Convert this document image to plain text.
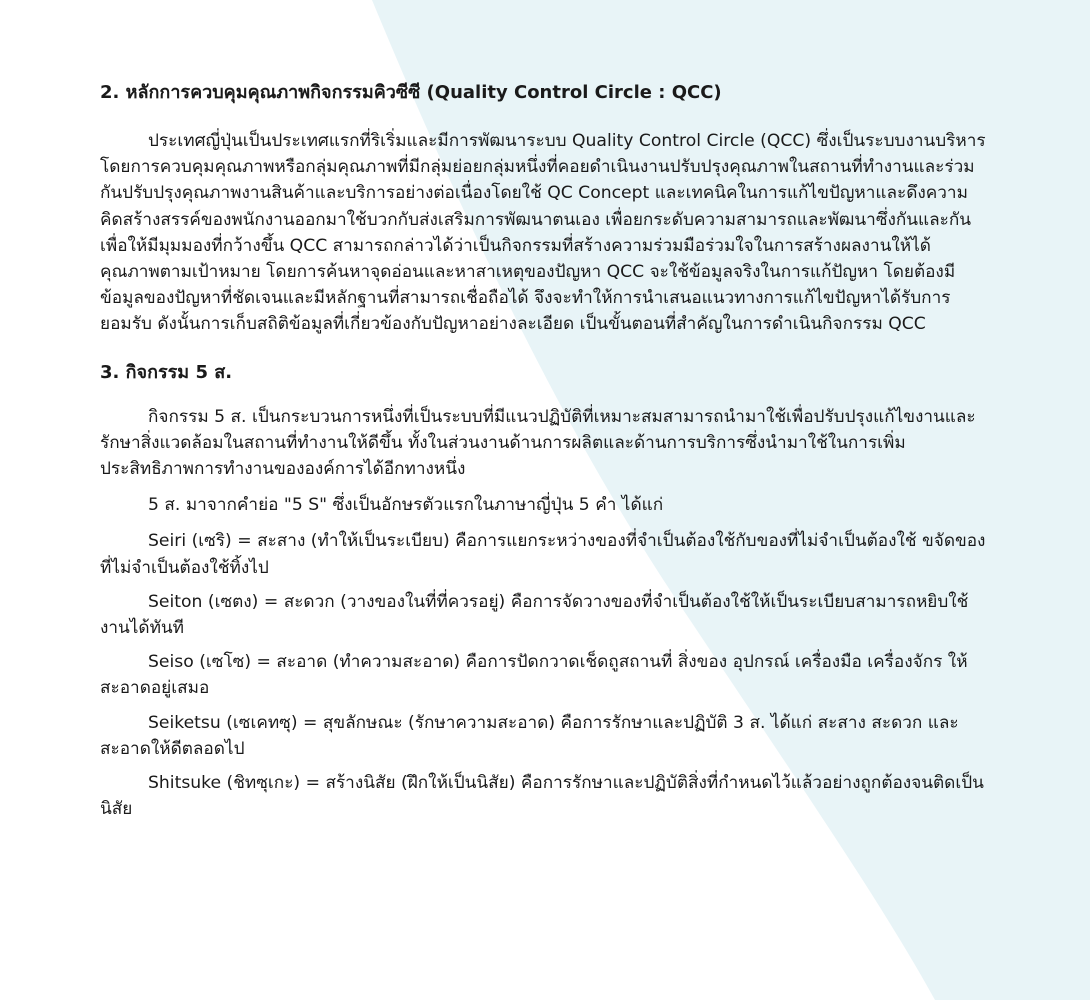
2. หลักการควบคุมคุณภาพกิจกรรมคิวซีซี (Quality Control Circle : QCC)

ประเทศญี่ปุ่นเป็นประเทศแรกที่ริเริ่มและมีการพัฒนาระบบ Quality Control Circle (QCC) ซึ่งเป็นระบบงานบริหารโดยการควบคุมคุณภาพหรือกลุ่มคุณภาพที่มีกลุ่มย่อยกลุ่มหนึ่งที่คอยดำเนินงานปรับปรุงคุณภาพในสถานที่ทำงานและร่วมกันปรับปรุงคุณภาพงานสินค้าและบริการอย่างต่อเนื่องโดยใช้ QC Concept และเทคนิคในการแก้ไขปัญหาและดึงความคิดสร้างสรรค์ของพนักงานออกมาใช้บวกกับส่งเสริมการพัฒนาตนเอง เพื่อยกระดับความสามารถและพัฒนาซึ่งกันและกัน เพื่อให้มีมุมมองที่กว้างขึ้น QCC สามารถกล่าวได้ว่าเป็นกิจกรรมที่สร้างความร่วมมือร่วมใจในการสร้างผลงานให้ได้คุณภาพตามเป้าหมาย โดยการค้นหาจุดอ่อนและหาสาเหตุของปัญหา QCC จะใช้ข้อมูลจริงในการแก้ปัญหา โดยต้องมีข้อมูลของปัญหาที่ชัดเจนและมีหลักฐานที่สามารถเชื่อถือได้ จึงจะทำให้การนำเสนอแนวทางการแก้ไขปัญหาได้รับการยอมรับ ดังนั้นการเก็บสถิติข้อมูลที่เกี่ยวข้องกับปัญหาอย่างละเอียด เป็นขั้นตอนที่สำคัญในการดำเนินกิจกรรม QCC

3. กิจกรรม 5 ส.

กิจกรรม 5 ส. เป็นกระบวนการหนึ่งที่เป็นระบบที่มีแนวปฏิบัติที่เหมาะสมสามารถนำมาใช้เพื่อปรับปรุงแก้ไขงานและรักษาสิ่งแวดล้อมในสถานที่ทำงานให้ดีขึ้น ทั้งในส่วนงานด้านการผลิตและด้านการบริการซึ่งนำมาใช้ในการเพิ่มประสิทธิภาพการทำงานขององค์การได้อีกทางหนึ่ง

5 ส. มาจากคำย่อ "5 S" ซึ่งเป็นอักษรตัวแรกในภาษาญี่ปุ่น 5 คำ ได้แก่

Seiri (เซริ) = สะสาง (ทำให้เป็นระเบียบ) คือการแยกระหว่างของที่จำเป็นต้องใช้กับของที่ไม่จำเป็นต้องใช้ ขจัดของที่ไม่จำเป็นต้องใช้ทิ้งไป

Seiton (เซตง) = สะดวก (วางของในที่ที่ควรอยู่) คือการจัดวางของที่จำเป็นต้องใช้ให้เป็นระเบียบสามารถหยิบใช้งานได้ทันที

Seiso (เซโซ) = สะอาด (ทำความสะอาด) คือการปัดกวาดเช็ดถูสถานที่ สิ่งของ อุปกรณ์ เครื่องมือ เครื่องจักร ให้สะอาดอยู่เสมอ

Seiketsu (เซเคทซุ) = สุขลักษณะ (รักษาความสะอาด) คือการรักษาและปฏิบัติ 3 ส. ได้แก่ สะสาง สะดวก และสะอาดให้ดีตลอดไป

Shitsuke (ชิทซุเกะ) = สร้างนิสัย (ฝึกให้เป็นนิสัย) คือการรักษาและปฏิบัติสิ่งที่กำหนดไว้แล้วอย่างถูกต้องจนติดเป็นนิสัย
